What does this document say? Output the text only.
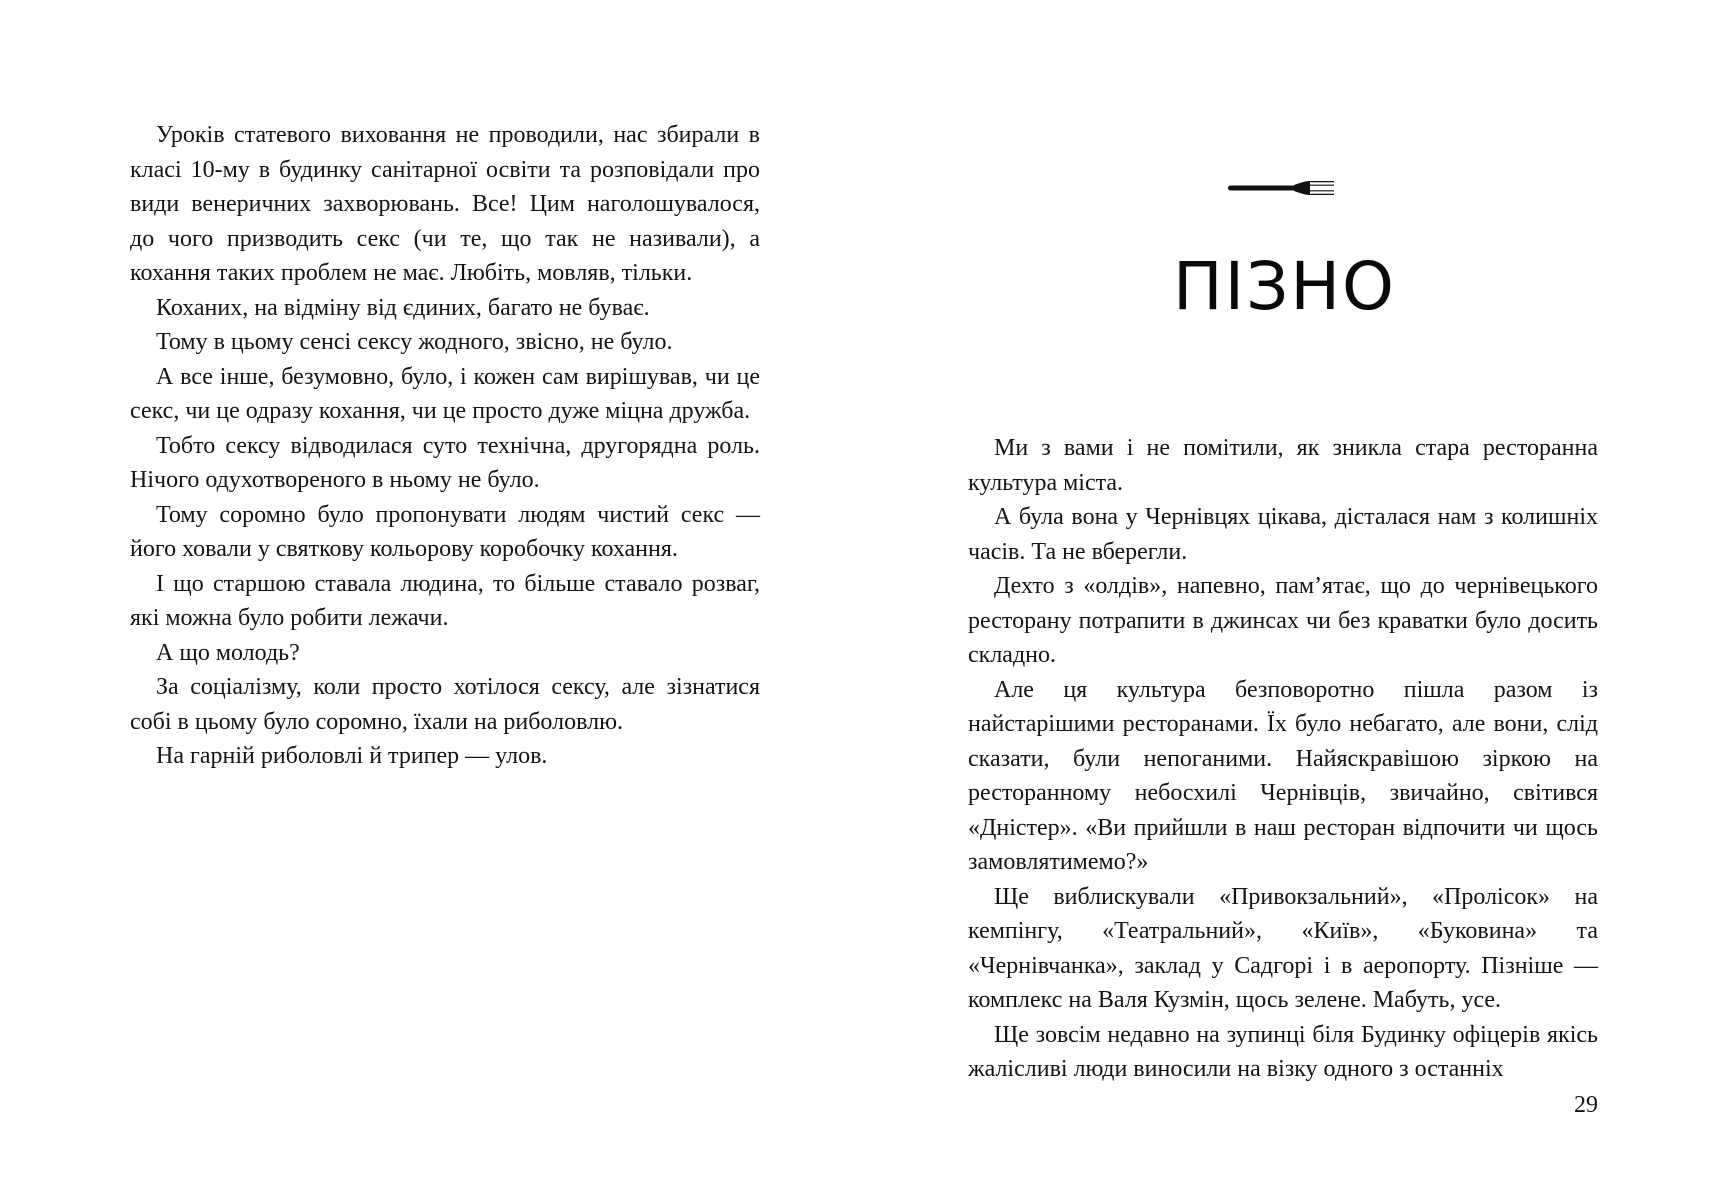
Уроків статевого виховання не проводили, нас збирали в класі 10-му в будинку санітарної освіти та розповідали про види венеричних захворювань. Все! Цим наголошувалося, до чого призводить секс (чи те, що так не називали), а кохання таких проблем не має. Любіть, мовляв, тільки.

Коханих, на відміну від єдиних, багато не буває.

Тому в цьому сенсі сексу жодного, звісно, не було.

А все інше, безумовно, було, і кожен сам вирішував, чи це секс, чи це одразу кохання, чи це просто дуже міцна дружба.

Тобто сексу відводилася суто технічна, другорядна роль. Нічого одухотвореного в ньому не було.

Тому соромно було пропонувати людям чистий секс — його ховали у святкову кольорову коробочку кохання.

І що старшою ставала людина, то більше ставало розваг, які можна було робити лежачи.

А що молодь?

За соціалізму, коли просто хотілося сексу, але зізнатися собі в цьому було соромно, їхали на риболовлю.

На гарній риболовлі й трипер — улов.

ПІЗНО

Ми з вами і не помітили, як зникла стара ресторанна культура міста.

А була вона у Чернівцях цікава, дісталася нам з колишніх часів. Та не вберегли.

Дехто з «олдів», напевно, пам’ятає, що до чернівецького ресторану потрапити в джинсах чи без краватки було досить складно.

Але ця культура безповоротно пішла разом із найстарішими ресторанами. Їх було небагато, але вони, слід сказати, були непоганими. Найяскравішою зіркою на ресторанному небосхилі Чернівців, звичайно, світився «Дністер». «Ви прийшли в наш ресторан відпочити чи щось замовлятимемо?»

Ще виблискували «Привокзальний», «Пролісок» на кемпінгу, «Театральний», «Київ», «Буковина» та «Чернівчанка», заклад у Садгорі і в аеропорту. Пізніше — комплекс на Валя Кузмін, щось зелене. Мабуть, усе.

Ще зовсім недавно на зупинці біля Будинку офіцерів якісь жалісливі люди виносили на візку одного з останніх

29
